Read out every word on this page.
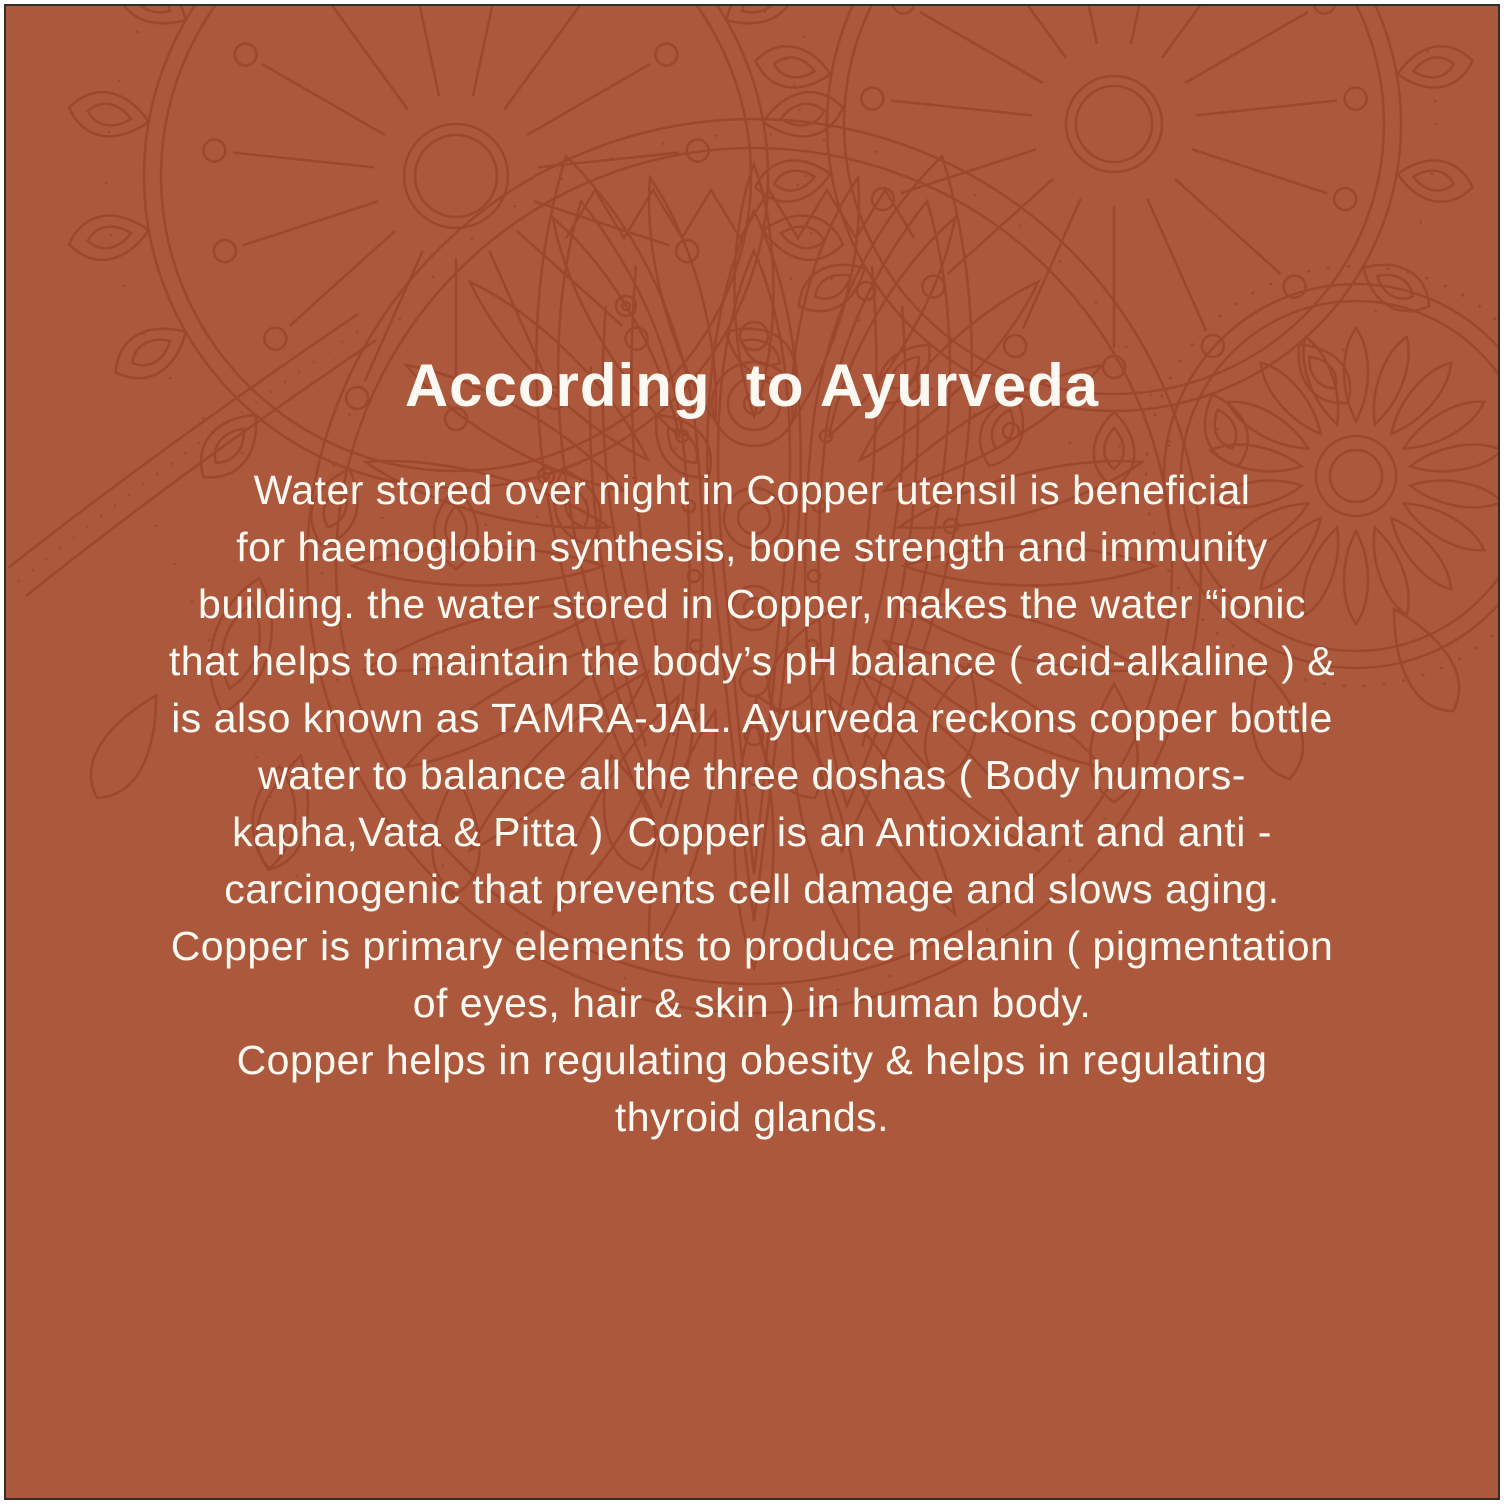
According  to Ayurveda
Water stored over night in Copper utensil is beneficial
for haemoglobin synthesis, bone strength and immunity
building. the water stored in Copper, makes the water “ionic
that helps to maintain the body’s pH balance ( acid-alkaline ) &
is also known as TAMRA-JAL. Ayurveda reckons copper bottle
water to balance all the three doshas ( Body humors-
kapha,Vata & Pitta )  Copper is an Antioxidant and anti -
carcinogenic that prevents cell damage and slows aging.
Copper is primary elements to produce melanin ( pigmentation
of eyes, hair & skin ) in human body.
Copper helps in regulating obesity & helps in regulating
thyroid glands.
